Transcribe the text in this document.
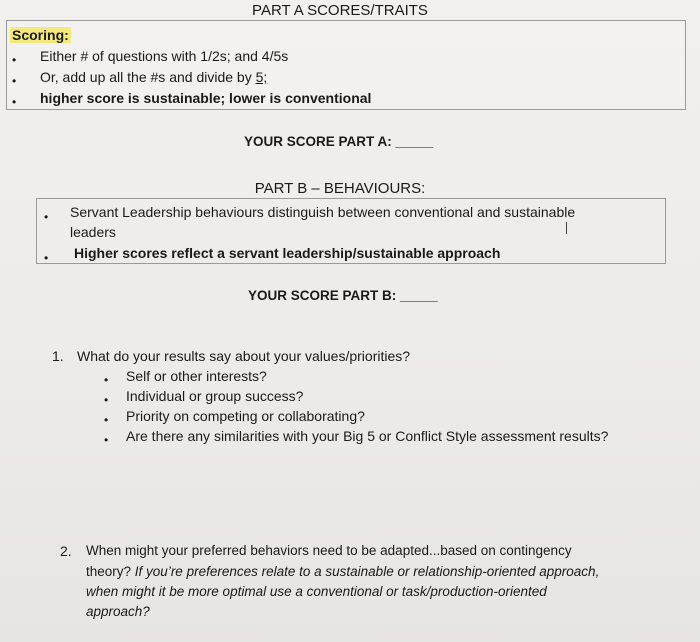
PART A SCORES/TRAITS
Scoring:
• Either # of questions with 1/2s; and 4/5s
• Or, add up all the #s and divide by 5;
• higher score is sustainable; lower is conventional
YOUR SCORE PART A: _____
PART B – BEHAVIOURS:
• Servant Leadership behaviours distinguish between conventional and sustainable
leaders
• Higher scores reflect a servant leadership/sustainable approach
YOUR SCORE PART B: _____
1. What do your results say about your values/priorities?
• Self or other interests?
• Individual or group success?
• Priority on competing or collaborating?
• Are there any similarities with your Big 5 or Conflict Style assessment results?
2. When might your preferred behaviors need to be adapted...based on contingency
theory? If you’re preferences relate to a sustainable or relationship-oriented approach,
when might it be more optimal use a conventional or task/production-oriented
approach?
